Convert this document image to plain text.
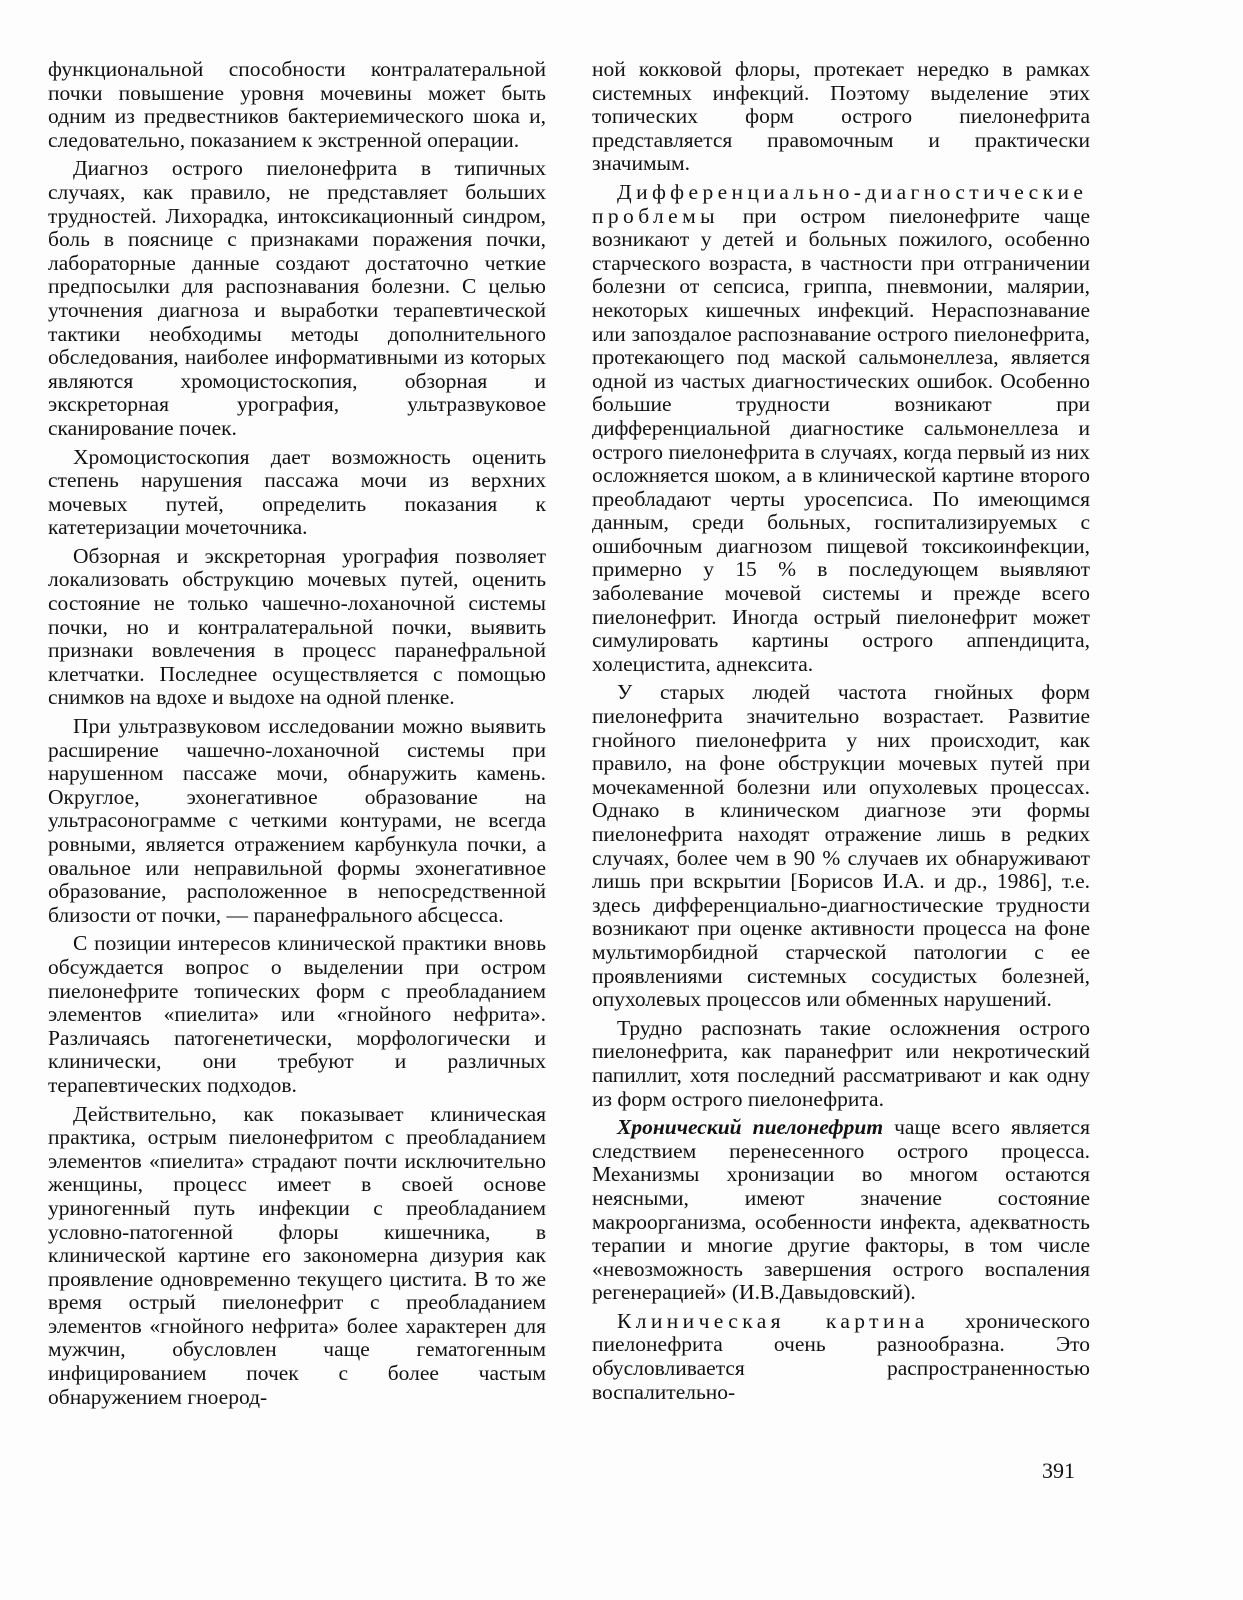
функциональной способности контралатеральной почки повышение уровня мочевины может быть одним из предвестников бактериемического шока и, следовательно, показанием к экстренной операции.

Диагноз острого пиелонефрита в типичных случаях, как правило, не представляет больших трудностей. Лихорадка, интоксикационный синдром, боль в пояснице с признаками поражения почки, лабораторные данные создают достаточно четкие предпосылки для распознавания болезни. С целью уточнения диагноза и выработки терапевтической тактики необходимы методы дополнительного обследования, наиболее информативными из которых являются хромоцистоскопия, обзорная и экскреторная урография, ультразвуковое сканирование почек.

Хромоцистоскопия дает возможность оценить степень нарушения пассажа мочи из верхних мочевых путей, определить показания к катетеризации мочеточника.

Обзорная и экскреторная урография позволяет локализовать обструкцию мочевых путей, оценить состояние не только чашечно-лоханочной системы почки, но и контралатеральной почки, выявить признаки вовлечения в процесс паранефральной клетчатки. Последнее осуществляется с помощью снимков на вдохе и выдохе на одной пленке.

При ультразвуковом исследовании можно выявить расширение чашечно-лоханочной системы при нарушенном пассаже мочи, обнаружить камень. Округлое, эхонегативное образование на ультрасонограмме с четкими контурами, не всегда ровными, является отражением карбункула почки, а овальное или неправильной формы эхонегативное образование, расположенное в непосредственной близости от почки, — паранефрального абсцесса.

С позиции интересов клинической практики вновь обсуждается вопрос о выделении при остром пиелонефрите топических форм с преобладанием элементов «пиелита» или «гнойного нефрита». Различаясь патогенетически, морфологически и клинически, они требуют и различных терапевтических подходов.

Действительно, как показывает клиническая практика, острым пиелонефритом с преобладанием элементов «пиелита» страдают почти исключительно женщины, процесс имеет в своей основе уриногенный путь инфекции с преобладанием условно-патогенной флоры кишечника, в клинической картине его закономерна дизурия как проявление одновременно текущего цистита. В то же время острый пиелонефрит с преобладанием элементов «гнойного нефрита» более характерен для мужчин, обусловлен чаще гематогенным инфицированием почек с более частым обнаружением гноерод-

ной кокковой флоры, протекает нередко в рамках системных инфекций. Поэтому выделение этих топических форм острого пиелонефрита представляется правомочным и практически значимым.

Дифференциально-диагностические проблемы при остром пиелонефрите чаще возникают у детей и больных пожилого, особенно старческого возраста, в частности при отграничении болезни от сепсиса, гриппа, пневмонии, малярии, некоторых кишечных инфекций. Нераспознавание или запоздалое распознавание острого пиелонефрита, протекающего под маской сальмонеллеза, является одной из частых диагностических ошибок. Особенно большие трудности возникают при дифференциальной диагностике сальмонеллеза и острого пиелонефрита в случаях, когда первый из них осложняется шоком, а в клинической картине второго преобладают черты уросепсиса. По имеющимся данным, среди больных, госпитализируемых с ошибочным диагнозом пищевой токсикоинфекции, примерно у 15 % в последующем выявляют заболевание мочевой системы и прежде всего пиелонефрит. Иногда острый пиелонефрит может симулировать картины острого аппендицита, холецистита, аднексита.

У старых людей частота гнойных форм пиелонефрита значительно возрастает. Развитие гнойного пиелонефрита у них происходит, как правило, на фоне обструкции мочевых путей при мочекаменной болезни или опухолевых процессах. Однако в клиническом диагнозе эти формы пиелонефрита находят отражение лишь в редких случаях, более чем в 90 % случаев их обнаруживают лишь при вскрытии [Борисов И.А. и др., 1986], т.е. здесь дифференциально-диагностические трудности возникают при оценке активности процесса на фоне мультиморбидной старческой патологии с ее проявлениями системных сосудистых болезней, опухолевых процессов или обменных нарушений.

Трудно распознать такие осложнения острого пиелонефрита, как паранефрит или некротический папиллит, хотя последний рассматривают и как одну из форм острого пиелонефрита.

Хронический пиелонефрит чаще всего является следствием перенесенного острого процесса. Механизмы хронизации во многом остаются неясными, имеют значение состояние макроорганизма, особенности инфекта, адекватность терапии и многие другие факторы, в том числе «невозможность завершения острого воспаления регенерацией» (И.В.Давыдовский).

Клиническая картина хронического пиелонефрита очень разнообразна. Это обусловливается распространенностью воспалительно-

391
